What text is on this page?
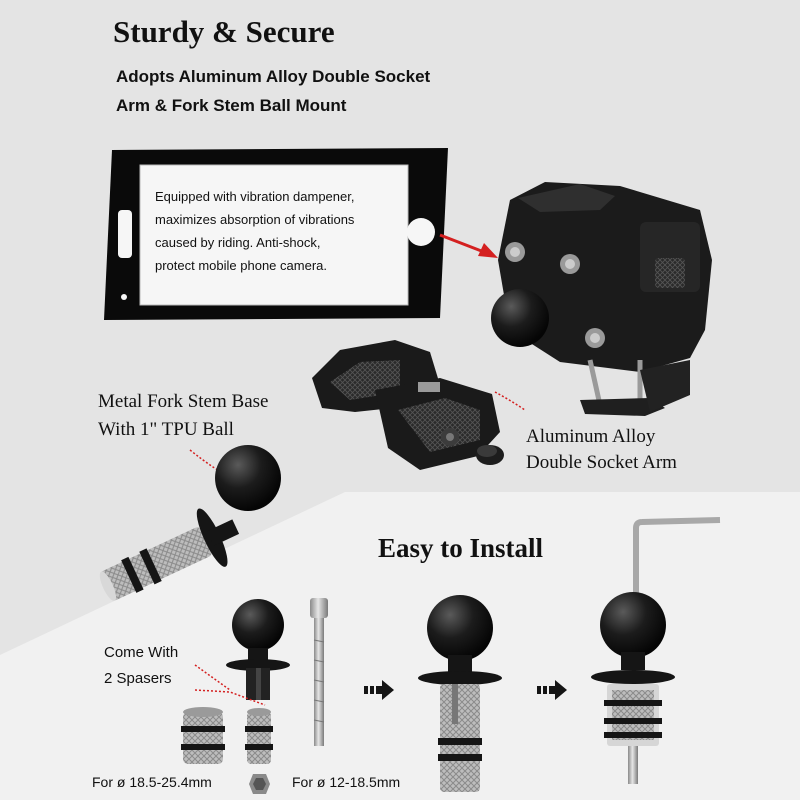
Sturdy & Secure
Adopts Aluminum Alloy Double Socket
Arm & Fork Stem Ball Mount
Equipped with vibration dampener,
maximizes absorption of vibrations
caused by riding. Anti-shock,
protect mobile phone camera.
Metal Fork Stem Base
With 1" TPU Ball	Aluminum Alloy
Double Socket Arm
Easy to Install
Come With
2 Spasers
For ø 18.5-25.4mm	For ø 12-18.5mm
